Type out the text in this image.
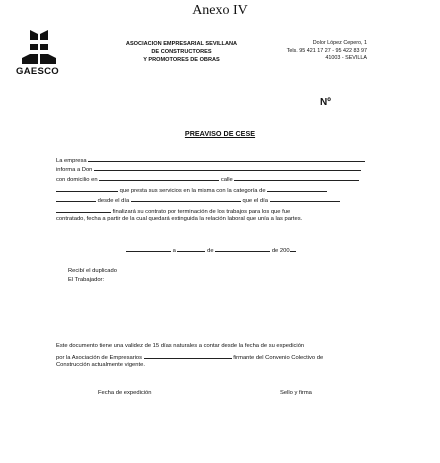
Anexo IV
GAESCO
ASOCIACION EMPRESARIAL SEVILLANA
DE CONSTRUCTORES
Y PROMOTORES DE OBRAS
Dolor López Cepero, 1
Tels. 95 421 17 27 - 95 422 83 97
41003 - SEVILLA
Nº
PREAVISO DE CESE
La empresa
informa a Don
con domicilio en	calle
que presta sus servicios en la misma con la categoría de
desde el día	que el día
finalizará su contrato por terminación de los trabajos para los que fue
contratado, fecha a partir de la cual quedará extinguida la relación laboral que unía a las partes.
a	de	de 200
Recibí el duplicado
El Trabajador:
Este documento tiene una validez de 15 días naturales a contar desde la fecha de su expedición
por la Asociación de Empresarios	firmante del Convenio Colectivo de
Construcción actualmente vigente.
Fecha de expedición	Sello y firma
